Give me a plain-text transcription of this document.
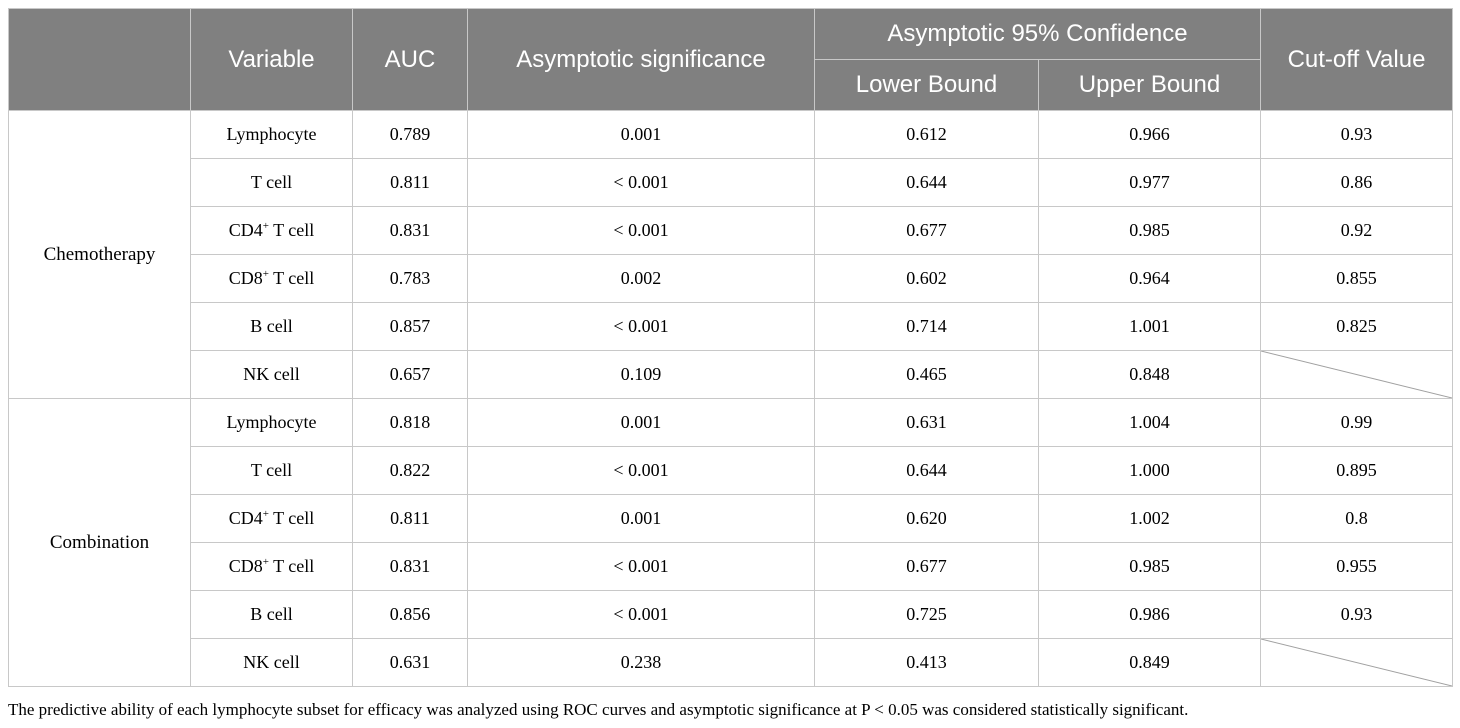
	Variable	AUC	Asymptotic significance	Asymptotic 95% Confidence		Cut-off Value
				Lower Bound	Upper Bound	
Chemotherapy	Lymphocyte	0.789	0.001	0.612	0.966	0.93
	T cell	0.811	< 0.001	0.644	0.977	0.86
	CD4+ T cell	0.831	< 0.001	0.677	0.985	0.92
	CD8+ T cell	0.783	0.002	0.602	0.964	0.855
	B cell	0.857	< 0.001	0.714	1.001	0.825
	NK cell	0.657	0.109	0.465	0.848	

Combination	Lymphocyte	0.818	0.001	0.631	1.004	0.99
	T cell	0.822	< 0.001	0.644	1.000	0.895
	CD4+ T cell	0.811	0.001	0.620	1.002	0.8
	CD8+ T cell	0.831	< 0.001	0.677	0.985	0.955
	B cell	0.856	< 0.001	0.725	0.986	0.93
	NK cell	0.631	0.238	0.413	0.849	
The predictive ability of each lymphocyte subset for efficacy was analyzed using ROC curves and asymptotic significance at P < 0.05 was considered statistically significant.
